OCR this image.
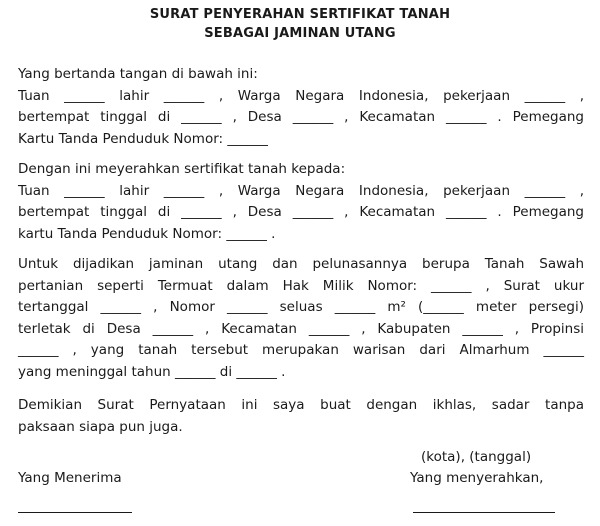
SURAT PENYERAHAN SERTIFIKAT TANAH
SEBAGAI JAMINAN UTANG
Yang bertanda tangan di bawah ini:
Tuan ______ lahir ______ , Warga Negara Indonesia, pekerjaan ______ ,
bertempat tinggal di ______ , Desa ______ , Kecamatan ______ . Pemegang
Kartu Tanda Penduduk Nomor: ______
Dengan ini meyerahkan sertifikat tanah kepada:
Tuan ______ lahir ______ , Warga Negara Indonesia, pekerjaan ______ ,
bertempat tinggal di ______ , Desa ______ , Kecamatan ______ . Pemegang
kartu Tanda Penduduk Nomor: ______ .
Untuk dijadikan jaminan utang dan pelunasannya berupa Tanah Sawah
pertanian seperti Termuat dalam Hak Milik Nomor: ______ , Surat ukur
tertanggal ______ , Nomor ______ seluas ______ m² (______ meter persegi)
terletak di Desa ______ , Kecamatan ______ , Kabupaten ______ , Propinsi
______ , yang tanah tersebut merupakan warisan dari Almarhum ______
yang meninggal tahun ______ di ______ .
Demikian Surat Pernyataan ini saya buat dengan ikhlas, sadar tanpa
paksaan siapa pun juga.
(kota), (tanggal)
Yang Menerima	Yang menyerahkan,
